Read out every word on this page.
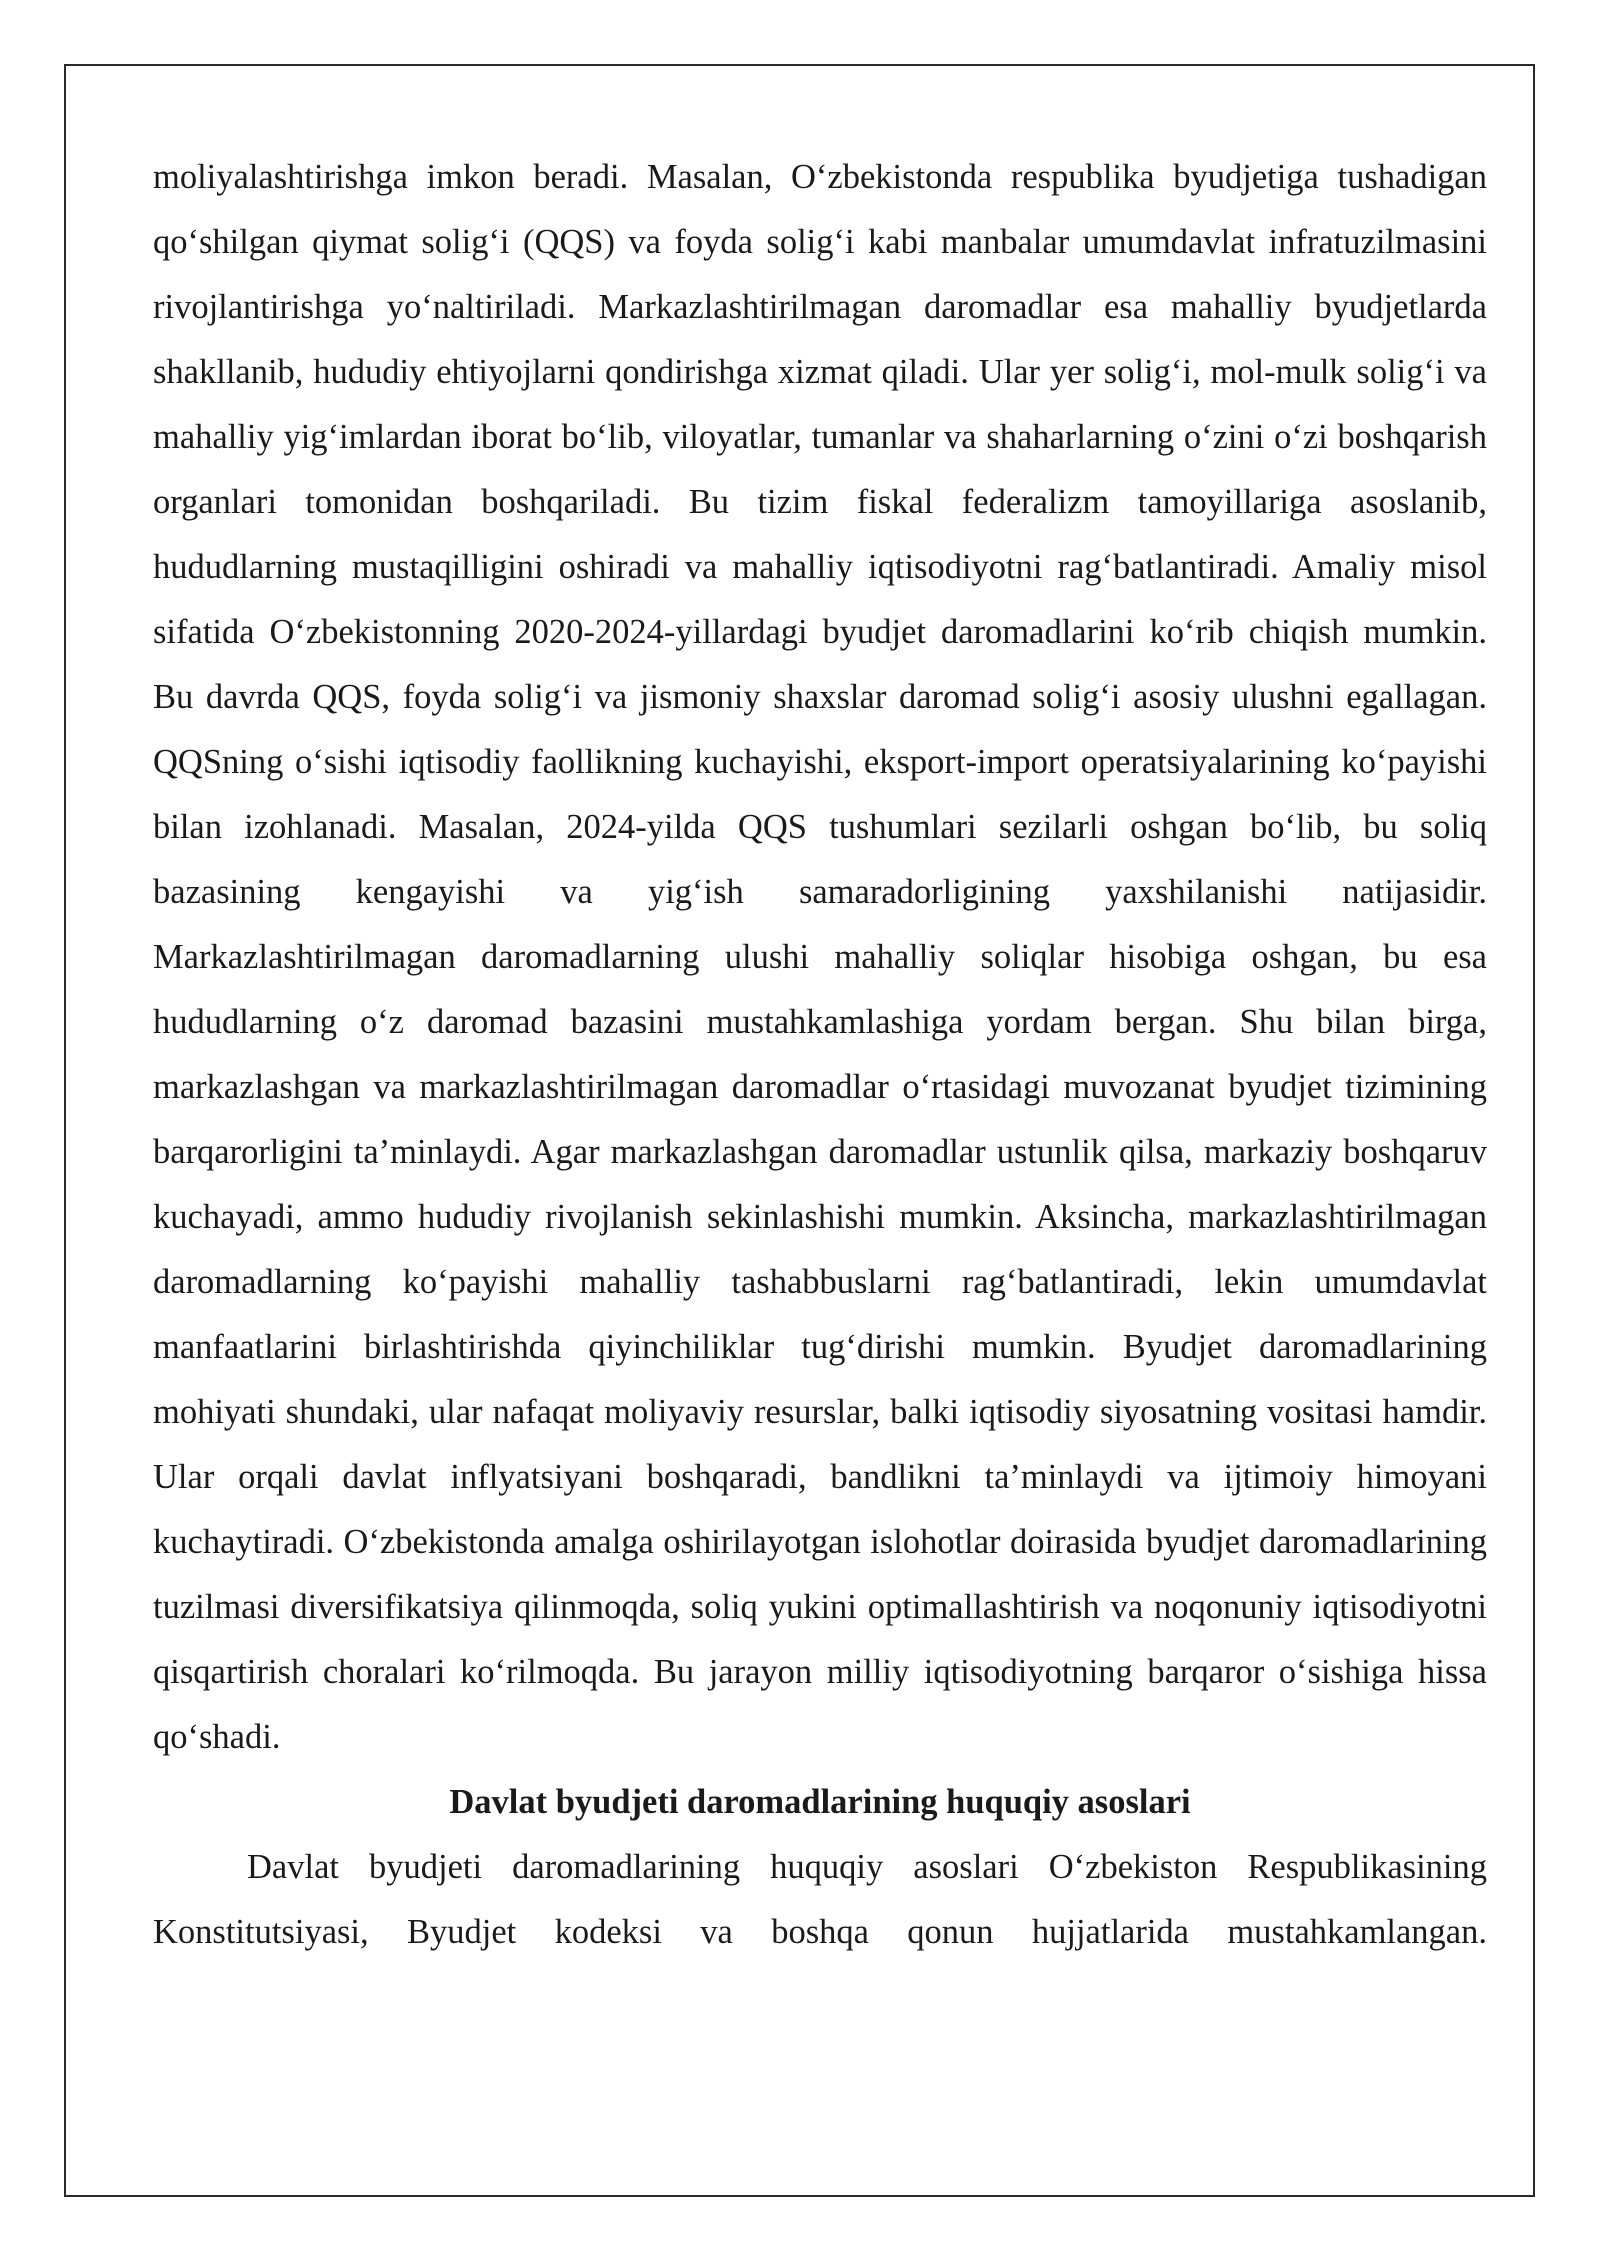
moliyalashtirishga imkon beradi. Masalan, O‘zbekistonda respublika byudjetiga tushadigan qo‘shilgan qiymat solig‘i (QQS) va foyda solig‘i kabi manbalar umumdavlat infratuzilmasini rivojlantirishga yo‘naltiriladi. Markazlashtirilmagan daromadlar esa mahalliy byudjetlarda shakllanib, hududiy ehtiyojlarni qondirishga xizmat qiladi. Ular yer solig‘i, mol-mulk solig‘i va mahalliy yig‘imlardan iborat bo‘lib, viloyatlar, tumanlar va shaharlarning o‘zini o‘zi boshqarish organlari tomonidan boshqariladi. Bu tizim fiskal federalizm tamoyillariga asoslanib, hududlarning mustaqilligini oshiradi va mahalliy iqtisodiyotni rag‘batlantiradi. Amaliy misol sifatida O‘zbekistonning 2020-2024-yillardagi byudjet daromadlarini ko‘rib chiqish mumkin. Bu davrda QQS, foyda solig‘i va jismoniy shaxslar daromad solig‘i asosiy ulushni egallagan. QQSning o‘sishi iqtisodiy faollikning kuchayishi, eksport-import operatsiyalarining ko‘payishi bilan izohlanadi. Masalan, 2024-yilda QQS tushumlari sezilarli oshgan bo‘lib, bu soliq bazasining kengayishi va yig‘ish samaradorligining yaxshilanishi natijasidir. Markazlashtirilmagan daromadlarning ulushi mahalliy soliqlar hisobiga oshgan, bu esa hududlarning o‘z daromad bazasini mustahkamlashiga yordam bergan. Shu bilan birga, markazlashgan va markazlashtirilmagan daromadlar o‘rtasidagi muvozanat byudjet tizimining barqarorligini ta’minlaydi. Agar markazlashgan daromadlar ustunlik qilsa, markaziy boshqaruv kuchayadi, ammo hududiy rivojlanish sekinlashishi mumkin. Aksincha, markazlashtirilmagan daromadlarning ko‘payishi mahalliy tashabbuslarni rag‘batlantiradi, lekin umumdavlat manfaatlarini birlashtirishda qiyinchiliklar tug‘dirishi mumkin. Byudjet daromadlarining mohiyati shundaki, ular nafaqat moliyaviy resurslar, balki iqtisodiy siyosatning vositasi hamdir. Ular orqali davlat inflyatsiyani boshqaradi, bandlikni ta’minlaydi va ijtimoiy himoyani kuchaytiradi. O‘zbekistonda amalga oshirilayotgan islohotlar doirasida byudjet daromadlarining tuzilmasi diversifikatsiya qilinmoqda, soliq yukini optimallashtirish va noqonuniy iqtisodiyotni qisqartirish choralari ko‘rilmoqda. Bu jarayon milliy iqtisodiyotning barqaror o‘sishiga hissa qo‘shadi.

Davlat byudjeti daromadlarining huquqiy asoslari

Davlat byudjeti daromadlarining huquqiy asoslari O‘zbekiston Respublikasining Konstitutsiyasi, Byudjet kodeksi va boshqa qonun hujjatlarida mustahkamlangan.
